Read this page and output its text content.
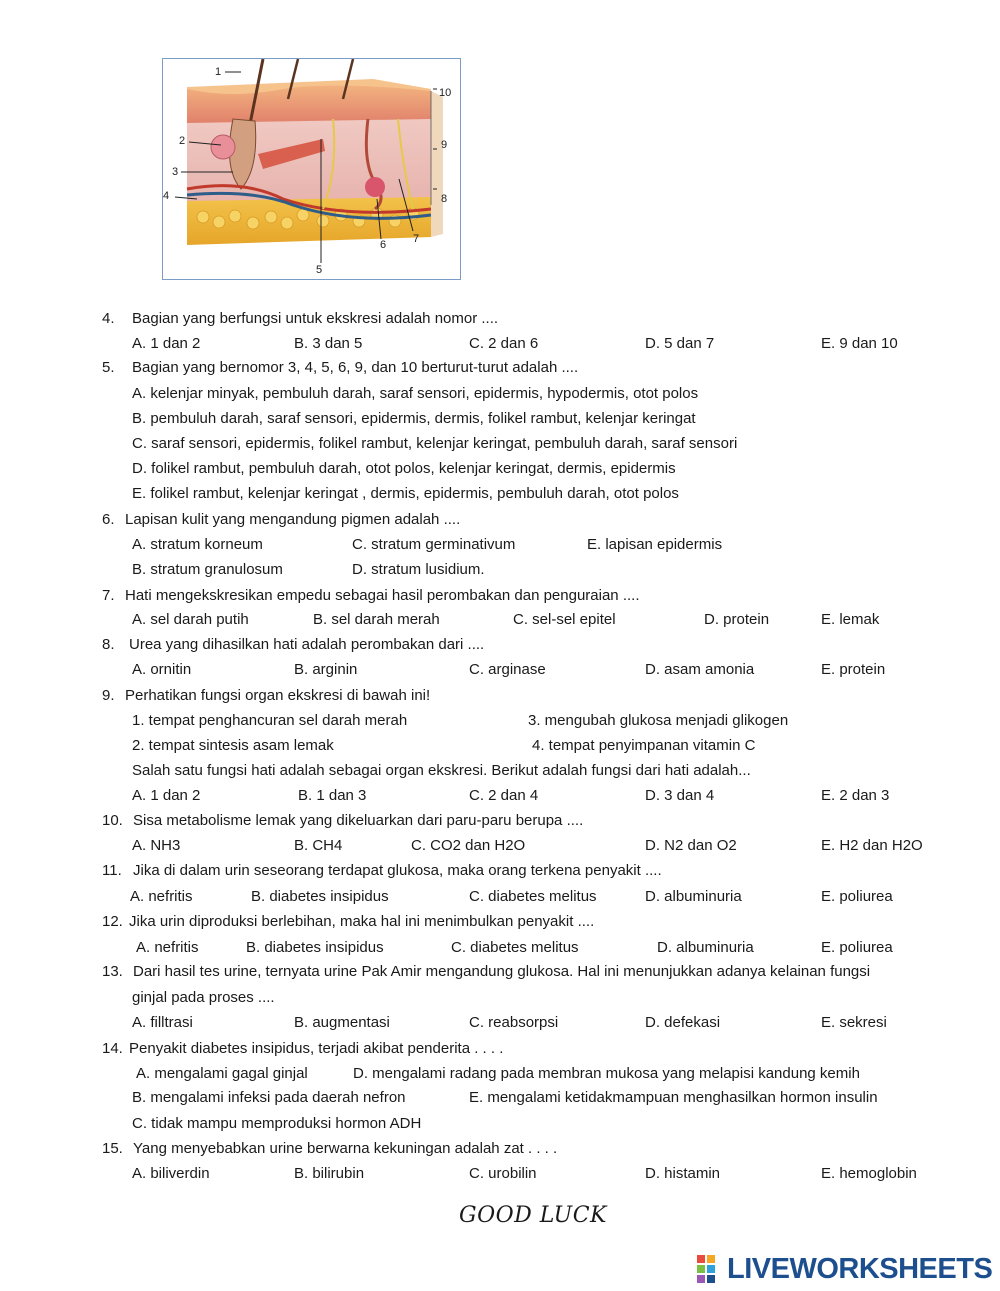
1
2
3
4
5
6 7
8
9
10
4. Bagian yang berfungsi untuk ekskresi adalah nomor ....
A. 1 dan 2	B. 3 dan 5	C. 2 dan 6	D. 5 dan 7	E. 9 dan 10
5. Bagian yang bernomor 3, 4, 5, 6, 9, dan 10 berturut-turut adalah ....
A. kelenjar minyak, pembuluh darah, saraf sensori, epidermis, hypodermis, otot polos
B. pembuluh darah, saraf sensori, epidermis, dermis, folikel rambut, kelenjar keringat
C. saraf sensori, epidermis, folikel rambut, kelenjar keringat, pembuluh darah, saraf sensori
D. folikel rambut, pembuluh darah, otot polos, kelenjar keringat, dermis, epidermis
E. folikel rambut, kelenjar keringat , dermis, epidermis, pembuluh darah, otot polos
6. Lapisan kulit yang mengandung pigmen adalah ....
A. stratum korneum	C. stratum germinativum	E. lapisan epidermis
B. stratum granulosum	D. stratum lusidium.
7. Hati mengekskresikan empedu sebagai hasil perombakan dan penguraian ....
A. sel darah putih	B. sel darah merah	C. sel-sel epitel	D. protein	E. lemak
8. Urea yang dihasilkan hati adalah perombakan dari ....
A. ornitin	B. arginin	C. arginase	D. asam amonia	E. protein
9. Perhatikan fungsi organ ekskresi di bawah ini!
1. tempat penghancuran sel darah merah	3. mengubah glukosa menjadi glikogen
2. tempat sintesis asam lemak	4. tempat penyimpanan vitamin C
Salah satu fungsi hati adalah sebagai organ ekskresi. Berikut adalah fungsi dari hati adalah...
A. 1 dan 2	B. 1 dan 3	C. 2 dan 4	D. 3 dan 4	E. 2 dan 3
10. Sisa metabolisme lemak yang dikeluarkan dari paru-paru berupa ....
A. NH3	B. CH4	C. CO2 dan H2O	D. N2 dan O2	E. H2 dan H2O
11. Jika di dalam urin seseorang terdapat glukosa, maka orang terkena penyakit ....
A. nefritis	B. diabetes insipidus	C. diabetes melitus	D. albuminuria	E. poliurea
12. Jika urin diproduksi berlebihan, maka hal ini menimbulkan penyakit ....
A. nefritis	B. diabetes insipidus	C. diabetes melitus	D. albuminuria	E. poliurea
13. Dari hasil tes urine, ternyata urine Pak Amir mengandung glukosa. Hal ini menunjukkan adanya kelainan fungsi
ginjal pada proses ....
A. filltrasi	B. augmentasi	C. reabsorpsi	D. defekasi	E. sekresi
14. Penyakit diabetes insipidus, terjadi akibat penderita . . . .
A. mengalami gagal ginjal	D. mengalami radang pada membran mukosa yang melapisi kandung kemih
B. mengalami infeksi pada daerah nefron	E. mengalami ketidakmampuan menghasilkan hormon insulin
C. tidak mampu memproduksi hormon ADH
15. Yang menyebabkan urine berwarna kekuningan adalah zat . . . .
A. biliverdin	B. bilirubin	C. urobilin	D. histamin	E. hemoglobin
GOOD LUCK
LIVEWORKSHEETS
